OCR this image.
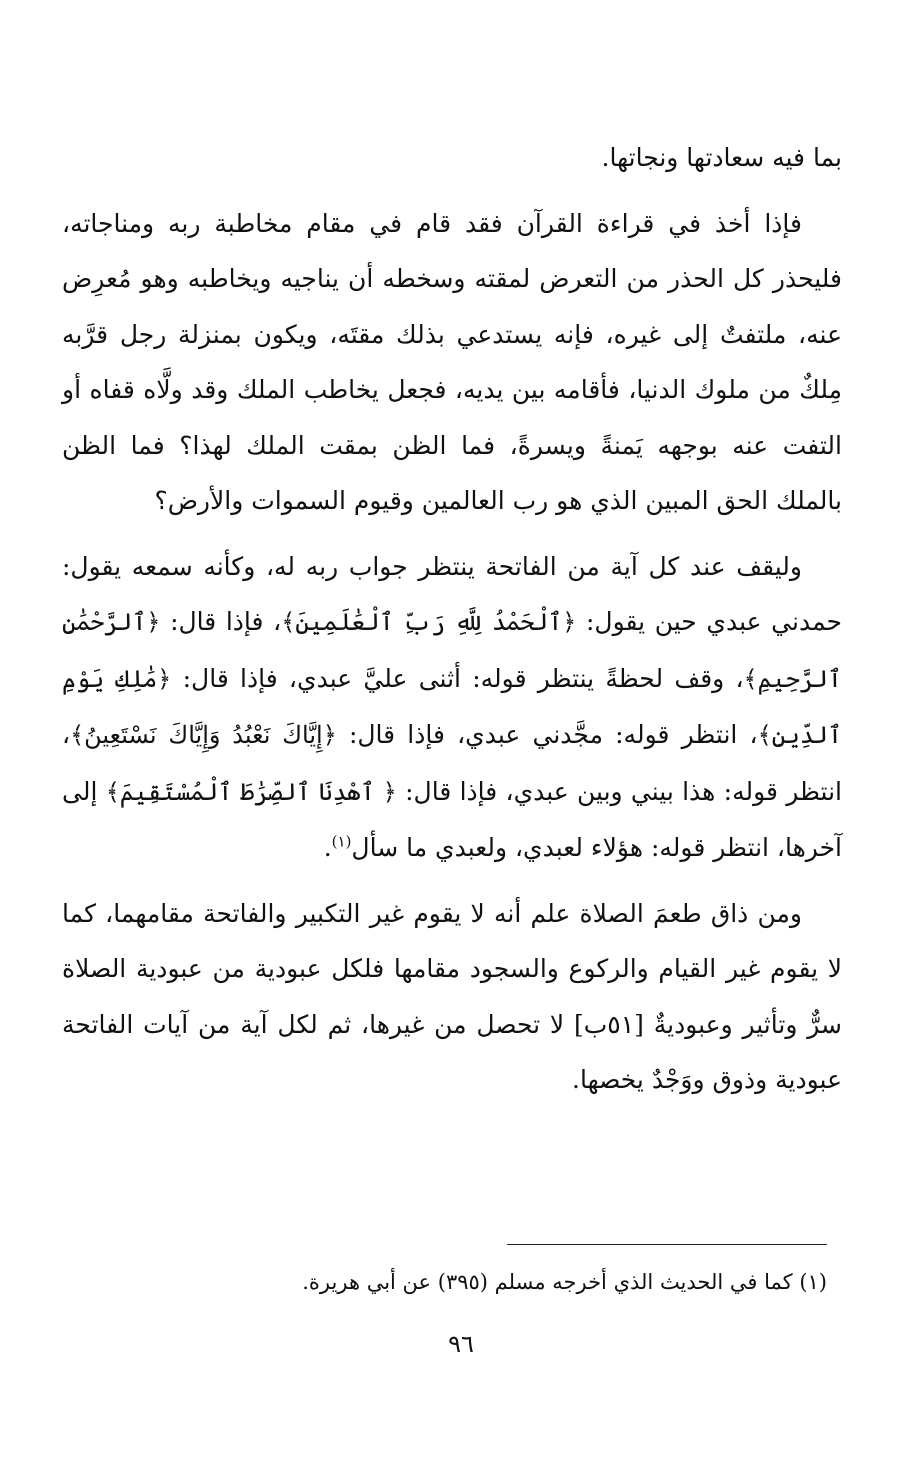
بما فيه سعادتها ونجاتها.

فإذا أخذ في قراءة القرآن فقد قام في مقام مخاطبة ربه ومناجاته، فليحذر كل الحذر من التعرض لمقته وسخطه أن يناجيه ويخاطبه وهو مُعرِض عنه، ملتفتٌ إلى غيره، فإنه يستدعي بذلك مقتَه، ويكون بمنزلة رجل قرَّبه مِلكٌ من ملوك الدنيا، فأقامه بين يديه، فجعل يخاطب الملك وقد ولَّاه قفاه أو التفت عنه بوجهه يَمنةً ويسرةً، فما الظن بمقت الملك لهذا؟ فما الظن بالملك الحق المبين الذي هو رب العالمين وقيوم السموات والأرض؟

وليقف عند كل آية من الفاتحة ينتظر جواب ربه له، وكأنه سمعه يقول: حمدني عبدي حين يقول: ﴿ٱلْحَمْدُ لِلَّهِ رَبِّ ٱلْعَٰلَمِينَ﴾، فإذا قال: ﴿ٱلرَّحْمَٰنِ ٱلرَّحِيمِ﴾، وقف لحظةً ينتظر قوله: أثنى عليَّ عبدي، فإذا قال: ﴿مَٰلِكِ يَوْمِ ٱلدِّينِ﴾، انتظر قوله: مجَّدني عبدي، فإذا قال: ﴿إِيَّاكَ نَعْبُدُ وَإِيَّاكَ نَسْتَعِينُ﴾، انتظر قوله: هذا بيني وبين عبدي، فإذا قال: ﴿ ٱهْدِنَا ٱلصِّرَٰطَ ٱلْمُسْتَقِيمَ﴾ إلى آخرها، انتظر قوله: هؤلاء لعبدي، ولعبدي ما سأل$^{(١)}$.

ومن ذاق طعمَ الصلاة علم أنه لا يقوم غير التكبير والفاتحة مقامهما، كما لا يقوم غير القيام والركوع والسجود مقامها فلكل عبودية من عبودية الصلاة سرٌّ وتأثير وعبوديةٌ [٥١ب] لا تحصل من غيرها، ثم لكل آية من آيات الفاتحة عبودية وذوق ووَجْدٌ يخصها.

(١) كما في الحديث الذي أخرجه مسلم (٣٩٥) عن أبي هريرة.
٩٦
